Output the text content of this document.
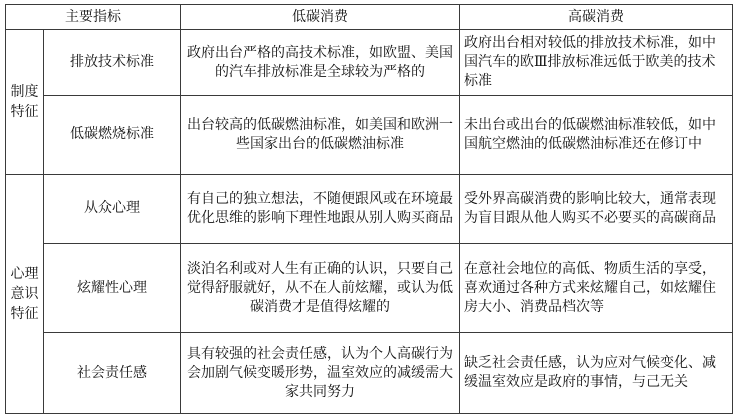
主要指标		低碳消费	高碳消费
制度特征	排放技术标准	政府出台严格的高技术标准，如欧盟、美国的汽车排放标准是全球较为严格的	政府出台相对较低的排放技术标准，如中国汽车的欧Ⅲ排放标准远低于欧美的技术标准
	低碳燃烧标准	出台较高的低碳燃油标准，如美国和欧洲一些国家出台的低碳燃油标准	未出台或出台的低碳燃油标准较低，如中国航空燃油的低碳燃油标准还在修订中
心理意识特征	从众心理	有自己的独立想法，不随便跟风或在环境最优化思维的影响下理性地跟从别人购买商品	受外界高碳消费的影响比较大，通常表现为盲目跟从他人购买不必要买的高碳商品
	炫耀性心理	淡泊名利或对人生有正确的认识，只要自己觉得舒服就好，从不在人前炫耀，或认为低碳消费才是值得炫耀的	在意社会地位的高低、物质生活的享受，喜欢通过各种方式来炫耀自己，如炫耀住房大小、消费品档次等
	社会责任感	具有较强的社会责任感，认为个人高碳行为会加剧气候变暖形势，温室效应的减缓需大家共同努力	缺乏社会责任感，认为应对气候变化、减缓温室效应是政府的事情，与己无关
